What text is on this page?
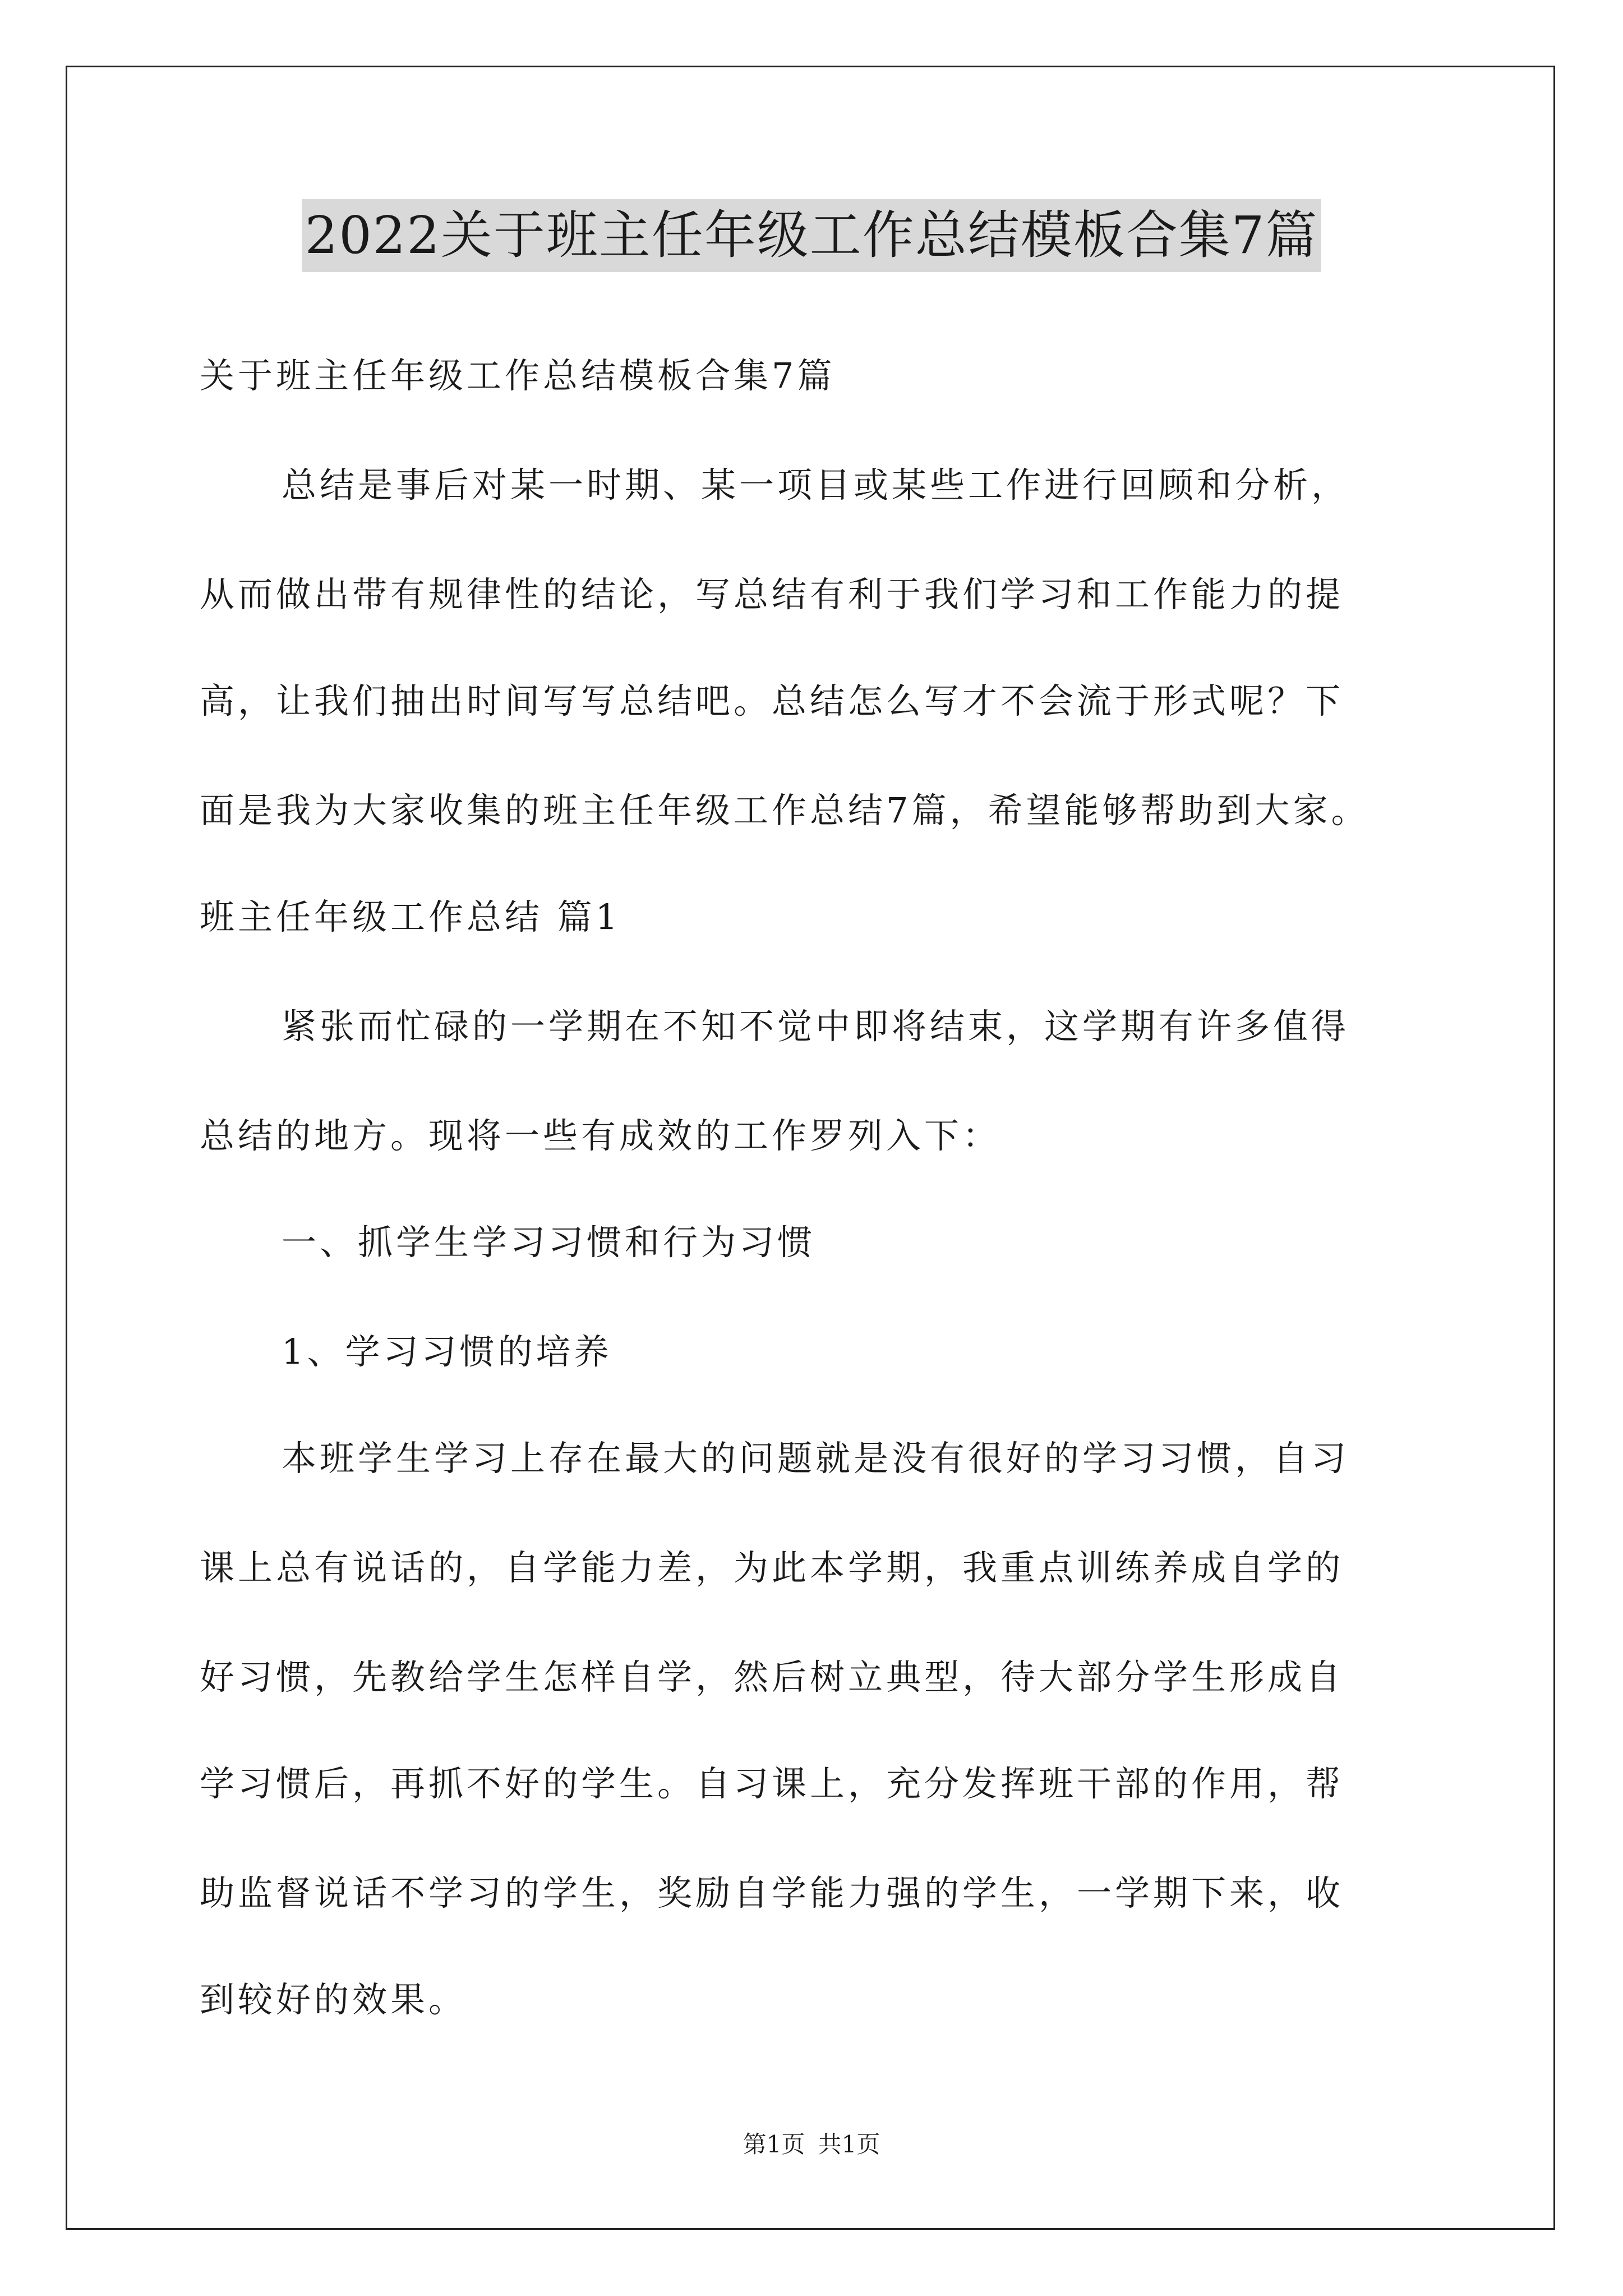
2022关于班主任年级工作总结模板合集7篇
关于班主任年级工作总结模板合集7篇
总结是事后对某一时期、某一项目或某些工作进行回顾和分析，
从而做出带有规律性的结论，写总结有利于我们学习和工作能力的提
高，让我们抽出时间写写总结吧。总结怎么写才不会流于形式呢？下
面是我为大家收集的班主任年级工作总结7篇，希望能够帮助到大家。
班主任年级工作总结 篇1
紧张而忙碌的一学期在不知不觉中即将结束，这学期有许多值得
总结的地方。现将一些有成效的工作罗列入下：
一、抓学生学习习惯和行为习惯
1、学习习惯的培养
本班学生学习上存在最大的问题就是没有很好的学习习惯，自习
课上总有说话的，自学能力差，为此本学期，我重点训练养成自学的
好习惯，先教给学生怎样自学，然后树立典型，待大部分学生形成自
学习惯后，再抓不好的学生。自习课上，充分发挥班干部的作用，帮
助监督说话不学习的学生，奖励自学能力强的学生，一学期下来，收
到较好的效果。
第1页 共1页
